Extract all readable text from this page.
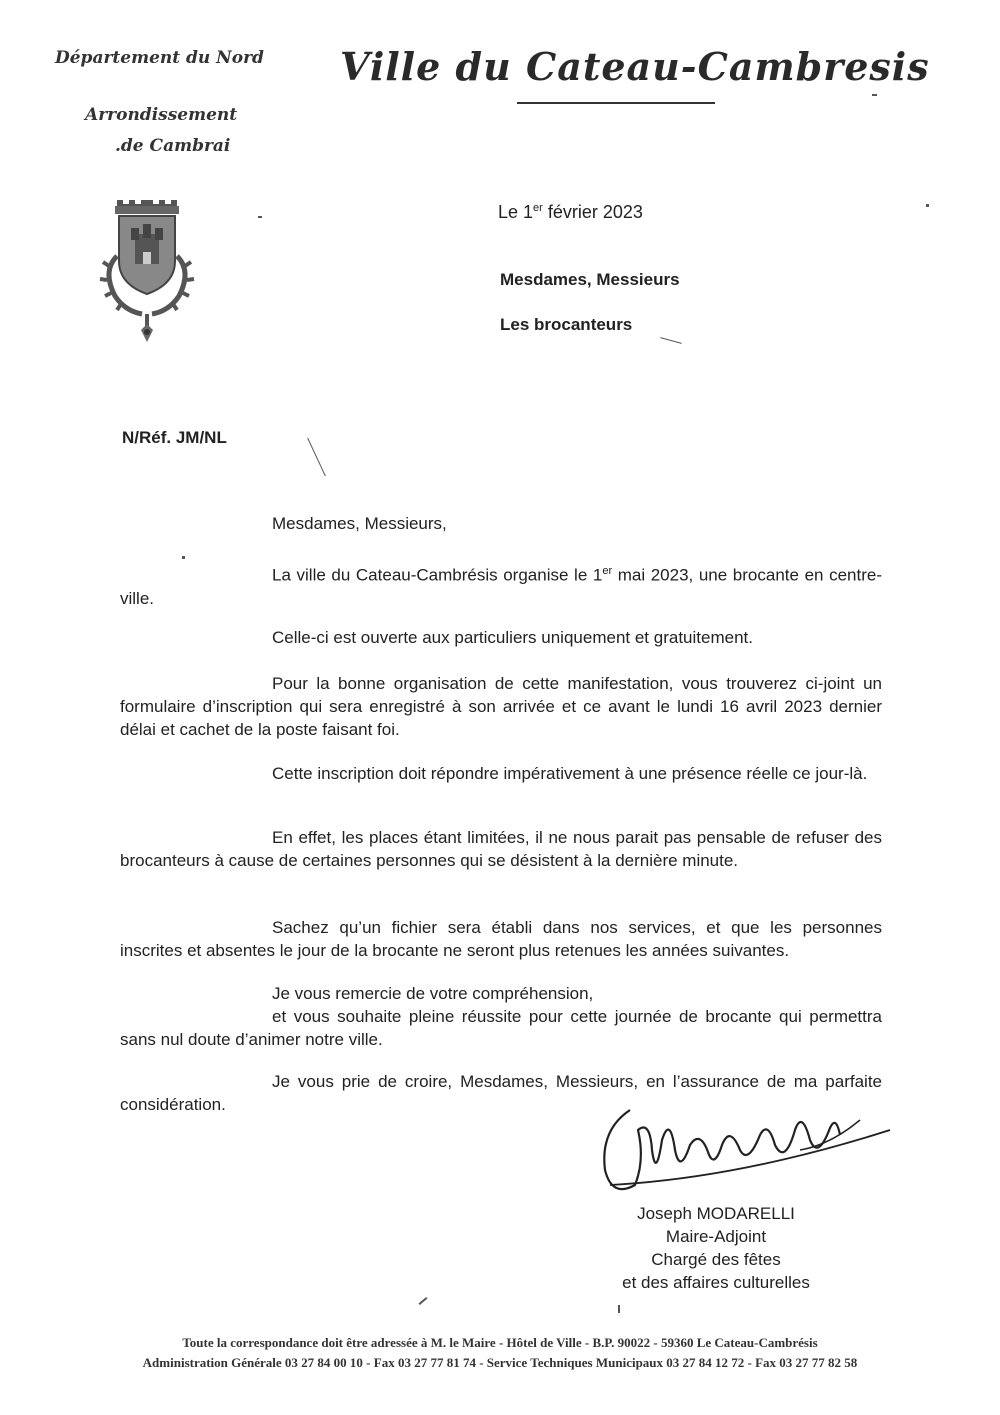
Département du Nord
Arrondissement
.de Cambrai
Ville du Cateau-Cambresis
Le 1er février 2023
Mesdames, Messieurs
Les brocanteurs
N/Réf. JM/NL
Mesdames, Messieurs,

La ville du Cateau-Cambrésis organise le 1er mai 2023, une brocante en centre-ville.

Celle-ci est ouverte aux particuliers uniquement et gratuitement.

Pour la bonne organisation de cette manifestation, vous trouverez ci-joint un formulaire d’inscription qui sera enregistré à son arrivée et ce avant le lundi 16 avril 2023 dernier délai et cachet de la poste faisant foi.

Cette inscription doit répondre impérativement à une présence réelle ce jour-là.

En effet, les places étant limitées, il ne nous parait pas pensable de refuser des brocanteurs à cause de certaines personnes qui se désistent à la dernière minute.

Sachez qu’un fichier sera établi dans nos services, et que les personnes inscrites et absentes le jour de la brocante ne seront plus retenues les années suivantes.

Je vous remercie de votre compréhension,

et vous souhaite pleine réussite pour cette journée de brocante qui permettra sans nul doute d’animer notre ville.

Je vous prie de croire, Mesdames, Messieurs, en l’assurance de ma parfaite considération.

Joseph MODARELLI
Maire-Adjoint
Chargé des fêtes
et des affaires culturelles
Toute la correspondance doit être adressée à M. le Maire - Hôtel de Ville - B.P. 90022 - 59360 Le Cateau-Cambrésis
Administration Générale 03 27 84 00 10 - Fax 03 27 77 81 74 - Service Techniques Municipaux 03 27 84 12 72 - Fax 03 27 77 82 58
